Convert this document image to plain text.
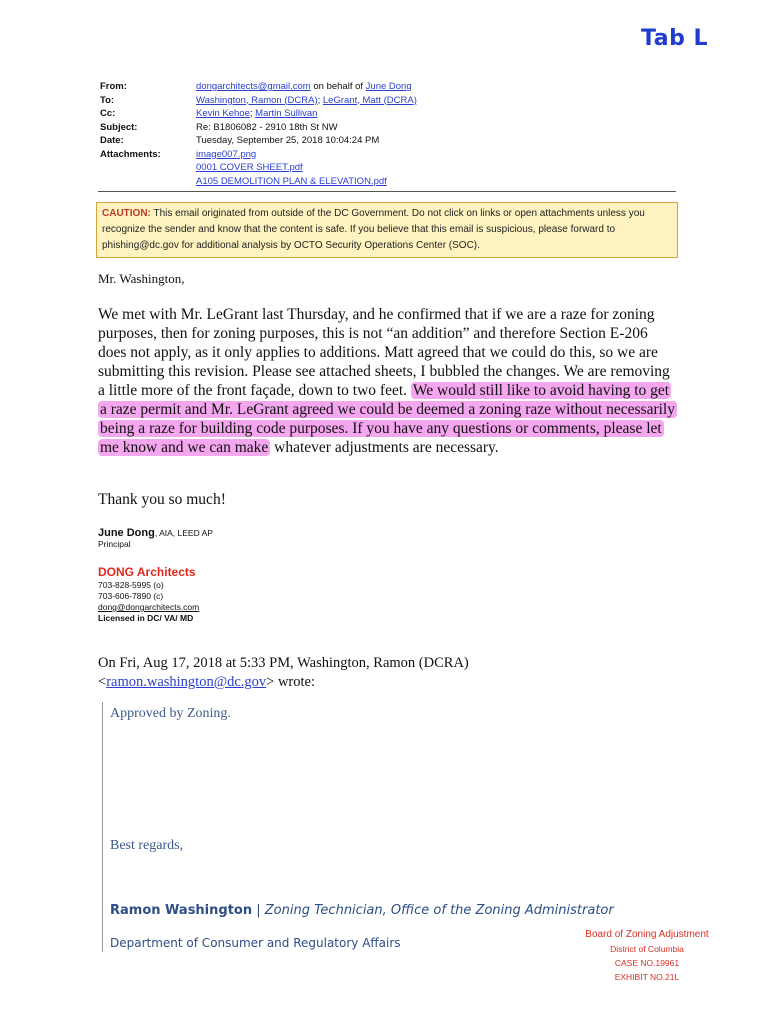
Tab L
From:	dongarchitects@gmail.com on behalf of June Dong
To:	Washington, Ramon (DCRA); LeGrant, Matt (DCRA)
Cc:	Kevin Kehoe; Martin Sullivan
Subject:	Re: B1806082 - 2910 18th St NW
Date:	Tuesday, September 25, 2018 10:04:24 PM
Attachments:	image007.png
0001 COVER SHEET.pdf
A105 DEMOLITION PLAN & ELEVATION.pdf
CAUTION: This email originated from outside of the DC Government. Do not click on links or open attachments unless you recognize the sender and know that the content is safe. If you believe that this email is suspicious, please forward to phishing@dc.gov for additional analysis by OCTO Security Operations Center (SOC).
Mr. Washington,
We met with Mr. LeGrant last Thursday, and he confirmed that if we are a raze for zoning purposes, then for zoning purposes, this is not “an addition” and therefore Section E-206 does not apply, as it only applies to additions. Matt agreed that we could do this, so we are submitting this revision. Please see attached sheets, I bubbled the changes. We are removing a little more of the front façade, down to two feet. We would still like to avoid having to get a raze permit and Mr. LeGrant agreed we could be deemed a zoning raze without necessarily being a raze for building code purposes. If you have any questions or comments, please let me know and we can make whatever adjustments are necessary.
Thank you so much!
June Dong, AIA, LEED AP
Principal
DONG Architects
703-828-5995 (o)
703-606-7890 (c)
dong@dongarchitects.com
Licensed in DC/ VA/ MD
On Fri, Aug 17, 2018 at 5:33 PM, Washington, Ramon (DCRA)
<ramon.washington@dc.gov> wrote:
Approved by Zoning.
Best regards,
Ramon Washington | Zoning Technician, Office of the Zoning Administrator
Department of Consumer and Regulatory Affairs
Board of Zoning Adjustment
District of Columbia
CASE NO.19961
EXHIBIT NO.21L
